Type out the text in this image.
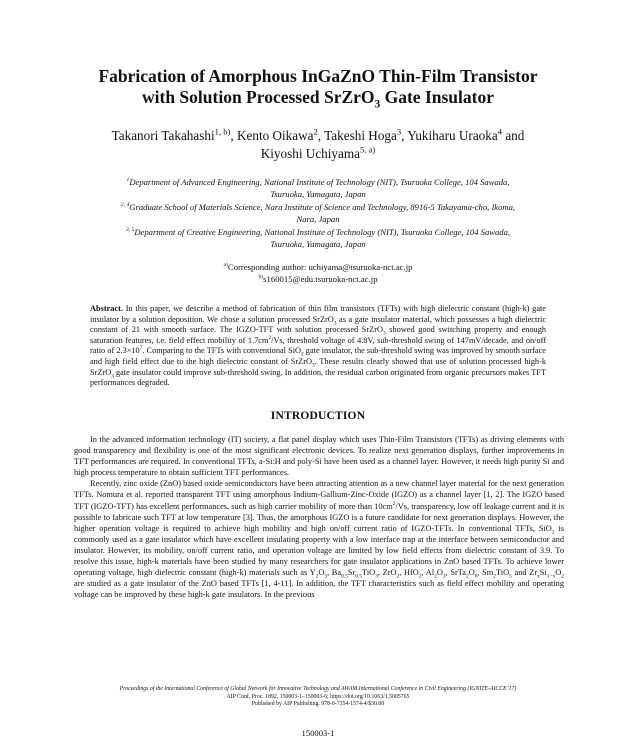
Fabrication of Amorphous InGaZnO Thin-Film Transistor
with Solution Processed SrZrO$_3$ Gate Insulator
Takanori Takahashi$^{1, b)}$, Kento Oikawa$^2$, Takeshi Hoga$^3$, Yukiharu Uraoka$^4$ and
Kiyoshi Uchiyama$^{5, a)}$
$^1$Department of Advanced Engineering, National Institute of Technology (NIT), Tsuruoka College, 104 Sawada,
Tsuruoka, Yamagata, Japan
$^{2, 4}$Graduate School of Materials Science, Nara Institute of Science and Technology, 8916-5 Takayama-cho, Ikoma,
Nara, Japan
$^{3, 5}$Department of Creative Engineering, National Institute of Technology (NIT), Tsuruoka College, 104 Sawada,
Tsuruoka, Yamagata, Japan
$^{a)}$Corresponding author: uchiyama@tsuruoka-nct.ac.jp
$^{b)}$s160015@edu.tsuruoka-nct.ac.jp
Abstract. In this paper, we describe a method of fabrication of thin film transistors (TFTs) with high dielectric constant (high-k) gate insulator by a solution deposition. We chose a solution processed SrZrO$_3$ as a gate insulator material, which possesses a high dielectric constant of 21 with smooth surface. The IGZO-TFT with solution processed SrZrO$_3$ showed good switching property and enough saturation features, i.e. field effect mobility of $1.7cm^2/Vs$, threshold voltage of 4.8V, sub-threshold swing of 147mV/decade, and on/off ratio of $2.3\times 10^7$. Comparing to the TFTs with conventional SiO$_2$ gate insulator, the sub-threshold swing was improved by smooth surface and high field effect due to the high dielectric constant of SrZrO$_3$. These results clearly showed that use of solution processed high-k SrZrO$_3$ gate insulator could improve sub-threshold swing. In addition, the residual carbon originated from organic precursors makes TFT performances degraded.
INTRODUCTION

In the advanced information technology (IT) society, a flat panel display which uses Thin-Film Transistors (TFTs) as driving elements with good transparency and flexibility is one of the most significant electronic devices. To realize next generation displays, further improvements in TFT performances are required. In conventional TFTs, a-Si:H and poly-Si have been used as a channel layer. However, it needs high purity Si and high process temperature to obtain sufficient TFT performances.

Recently, zinc oxide (ZnO) based oxide semiconductors have been attracting attention as a new channel layer material for the next generation TFTs. Nomura et al. reported transparent TFT using amorphous Indium-Gallium-Zinc-Oxide (IGZO) as a channel layer [1, 2]. The IGZO based TFT (IGZO-TFT) has excellent performances, such as high carrier mobility of more than $10cm^2/Vs$, transparency, low off leakage current and it is possible to fabricate such TFT at low temperature [3]. Thus, the amorphous IGZO is a future candidate for next generation displays. However, the higher operation voltage is required to achieve high mobility and high on/off current ratio of IGZO-TFTs. In conventional TFTs, SiO$_2$ is commonly used as a gate insulator which have excellent insulating property with a low interface trap at the interface between semiconductor and insulator. However, its mobility, on/off current ratio, and operation voltage are limited by low field effects from dielectric constant of 3.9. To resolve this issue, high-k materials have been studied by many researchers for gate insulator applications in ZnO based TFTs. To achieve lower operating voltage, high dielectric constant (high-k) materials such as $Y_2O_3$, $Ba_{0.5}Sr_{0.5}TiO_3$, ZrO$_2$, HfO$_2$, $Al_2O_3$, $SrTa_2O_6$, $Sm_2TiO_5$ and $Zr_xSi_{1-x}O_2$ are studied as a gate insulator of the ZnO based TFTs [1, 4-11]. In addition, the TFT characteristics such as field effect mobility and operating voltage can be improved by these high-k gate insulators. In the previous

Proceedings of the International Conference of Global Network for Innovative Technology and AWAM International Conference in Civil Engineering (IGNITE-AICCE’17)
AIP Conf. Proc. 1892, 150003-1–150003-6; https://doi.org/10.1063/1.5005765
Published by AIP Publishing. 978-0-7354-1574-4/$30.00
150003-1
